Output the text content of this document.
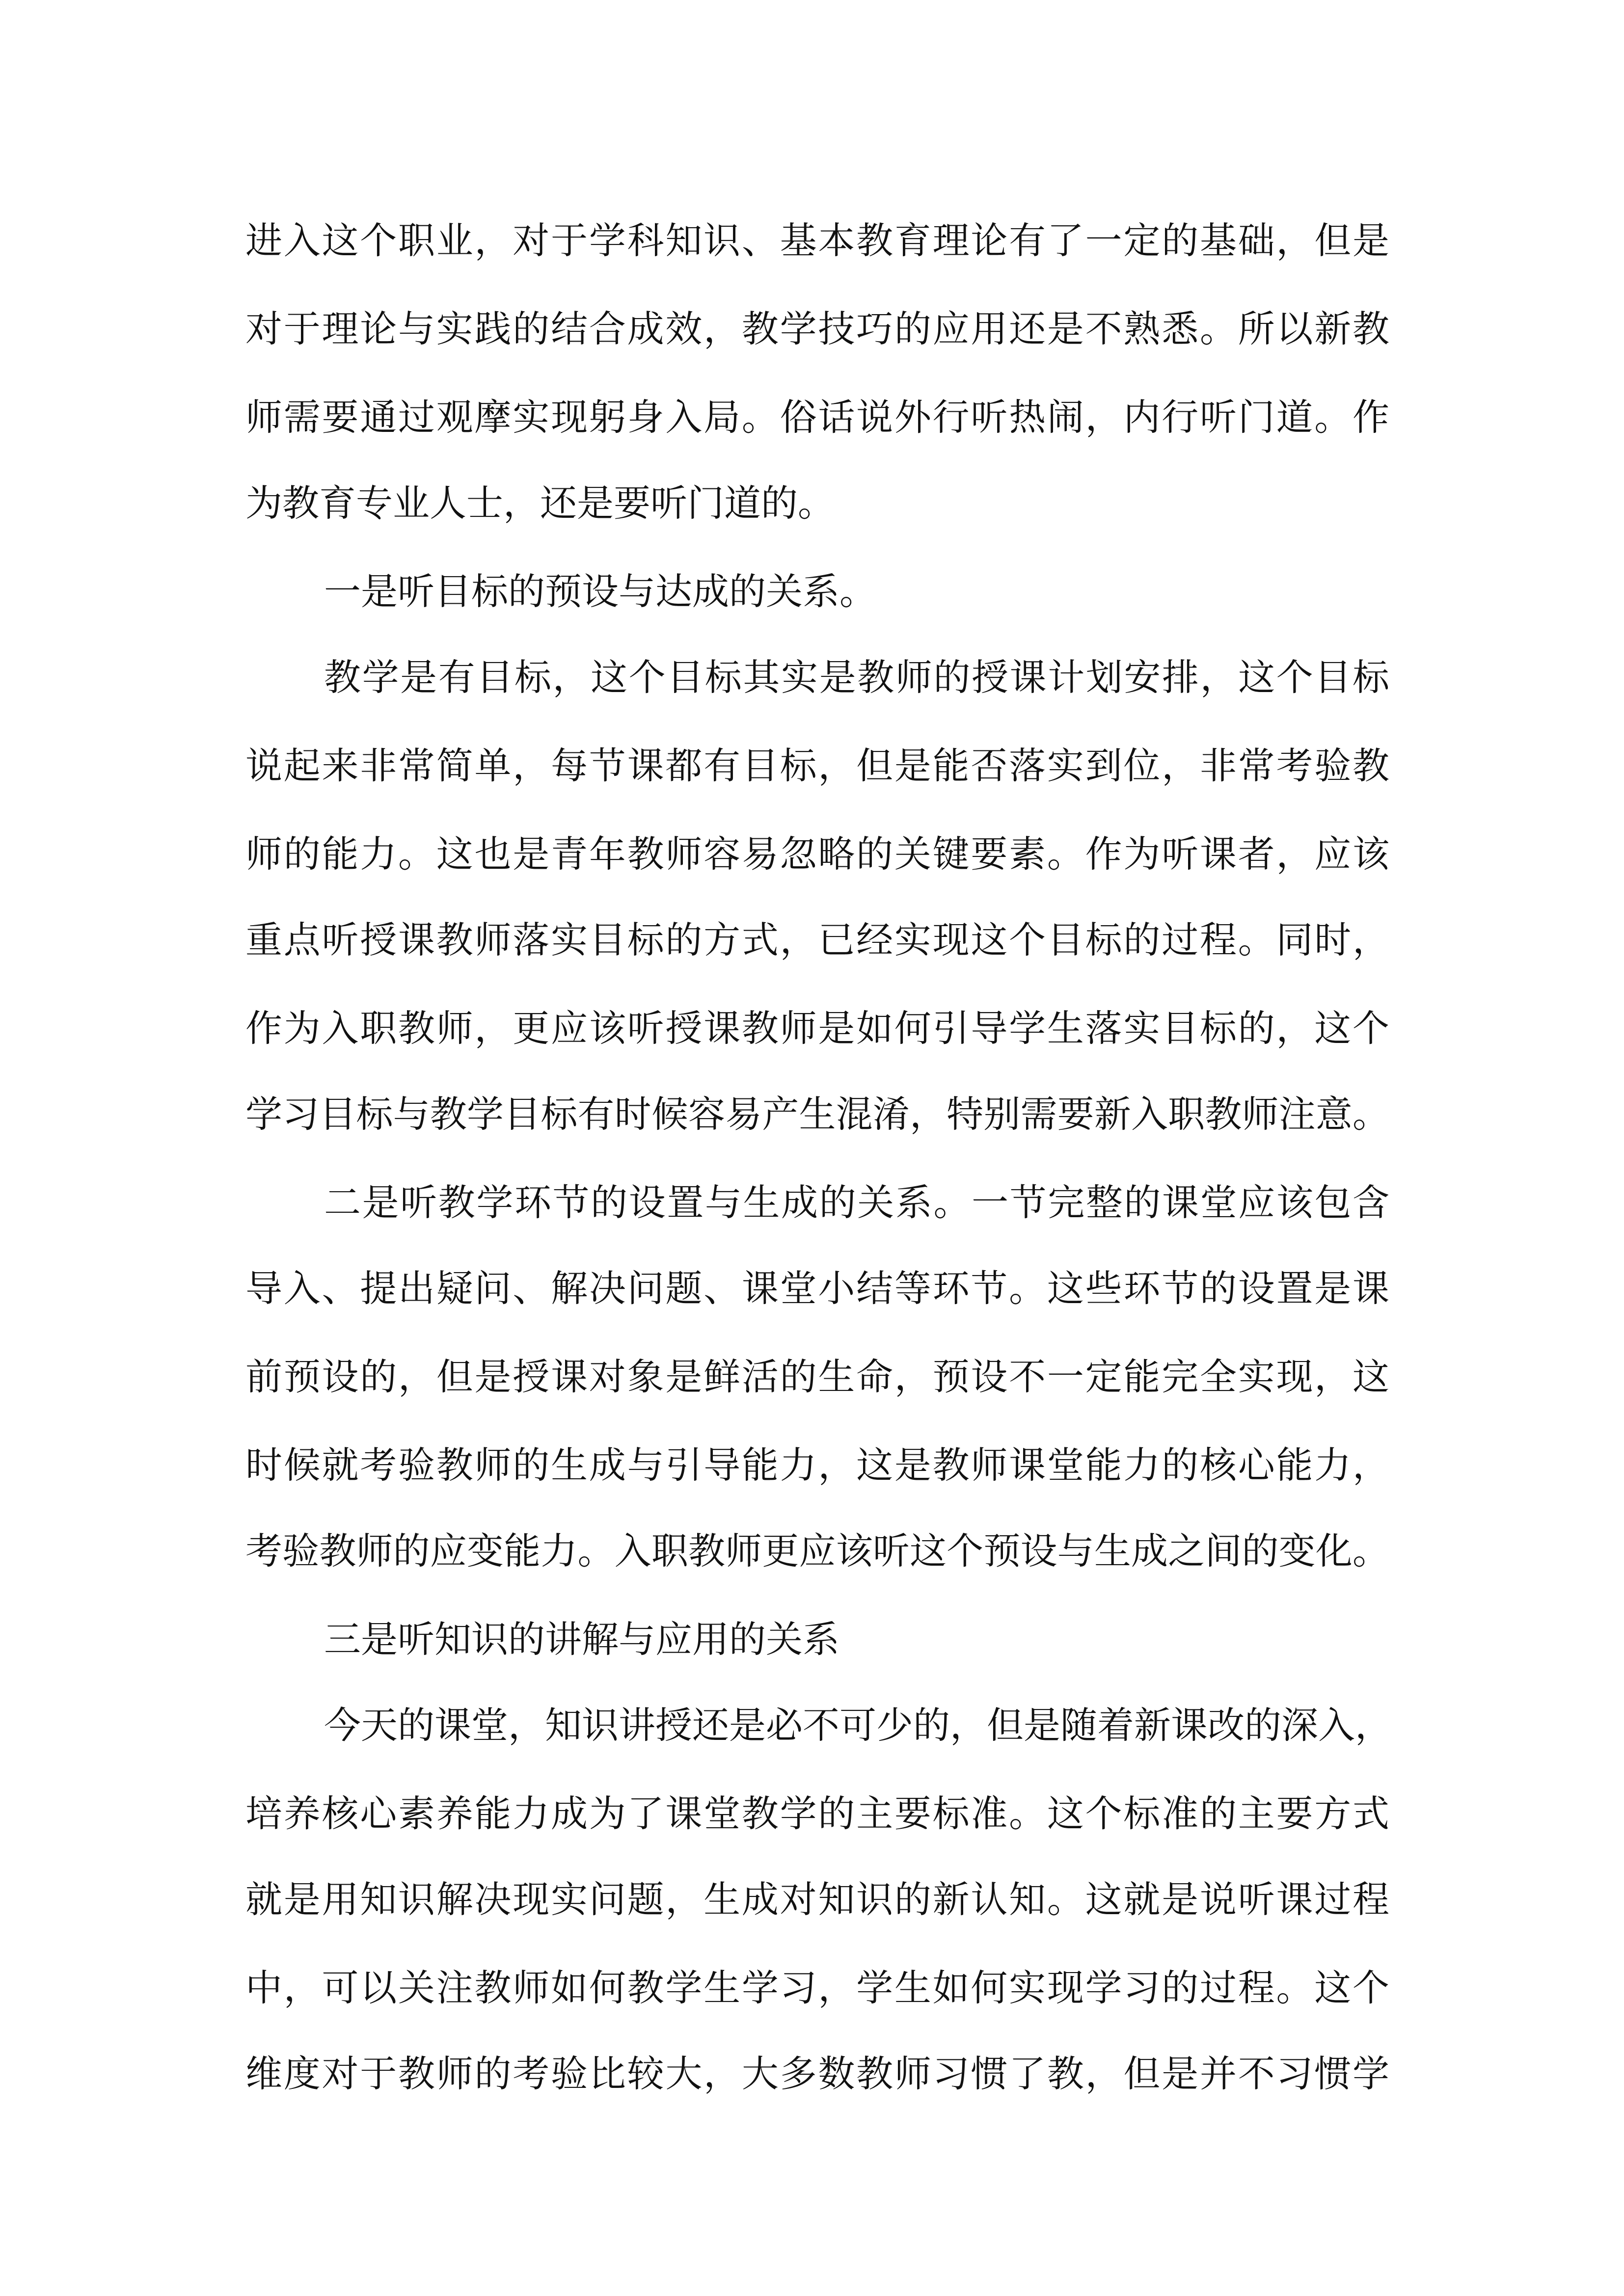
进入这个职业，对于学科知识、基本教育理论有了一定的基础，但是
对于理论与实践的结合成效，教学技巧的应用还是不熟悉。所以新教
师需要通过观摩实现躬身入局。俗话说外行听热闹，内行听门道。作
为教育专业人士，还是要听门道的。
一是听目标的预设与达成的关系。
教学是有目标，这个目标其实是教师的授课计划安排，这个目标
说起来非常简单，每节课都有目标，但是能否落实到位，非常考验教
师的能力。这也是青年教师容易忽略的关键要素。作为听课者，应该
重点听授课教师落实目标的方式，已经实现这个目标的过程。同时，
作为入职教师，更应该听授课教师是如何引导学生落实目标的，这个
学习目标与教学目标有时候容易产生混淆，特别需要新入职教师注意。
二是听教学环节的设置与生成的关系。一节完整的课堂应该包含
导入、提出疑问、解决问题、课堂小结等环节。这些环节的设置是课
前预设的，但是授课对象是鲜活的生命，预设不一定能完全实现，这
时候就考验教师的生成与引导能力，这是教师课堂能力的核心能力，
考验教师的应变能力。入职教师更应该听这个预设与生成之间的变化。
三是听知识的讲解与应用的关系
今天的课堂，知识讲授还是必不可少的，但是随着新课改的深入，
培养核心素养能力成为了课堂教学的主要标准。这个标准的主要方式
就是用知识解决现实问题，生成对知识的新认知。这就是说听课过程
中，可以关注教师如何教学生学习，学生如何实现学习的过程。这个
维度对于教师的考验比较大，大多数教师习惯了教，但是并不习惯学
